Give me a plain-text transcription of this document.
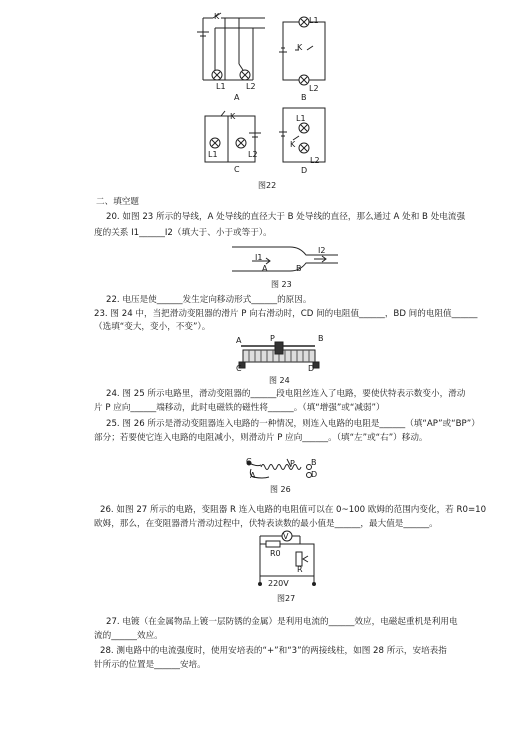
K
L1	L2
A
L1
K
L2
B
K
L1	L2
C
L1
K
L2
D
图22
二、填空题
20. 如图 23 所示的导线，A 处导线的直径大于 B 处导线的直径，那么通过 A 处和 B 处电流强
度的关系 I1______I2（填大于、小于或等于）。
A	B
I1
I2
图 23
22. 电压是使______发生定向移动形式______的原因。
23. 图 24 中，当把滑动变阻器的滑片 P 向右滑动时，CD 间的电阻值______，BD 间的电阻值______
（选填“变大，变小，不变”）。
A	P	B
C	D
图 24
24. 图 25 所示电路里，滑动变阻器的______段电阻丝连入了电路，要使伏特表示数变小，滑动
片 P 应向______端移动，此时电磁铁的磁性将______。（填“增强”或“减弱”）
25. 图 26 所示是滑动变阻器连入电路的一种情况，则连入电路的电阻是______（填“AP”或“BP”）
部分；若要使它连入电路的电阻减小，则滑动片 P 应向______。（填“左”或“右”）移动。
C
A
P B
D
图 26
26. 如图 27 所示的电路，变阻器 R 连入电路的电阻值可以在 0~100 欧姆的范围内变化，若 R0=10
欧姆，那么，在变阻器滑片滑动过程中，伏特表读数的最小值是______，最大值是______。
V
R0
R
220V
图27
27. 电镀（在金属物品上镀一层防锈的金属）是利用电流的______效应，电磁起重机是利用电
流的______效应。
28. 测电路中的电流强度时，使用安培表的“+”和“3”的两接线柱，如图 28 所示，安培表指
针所示的位置是______安培。
